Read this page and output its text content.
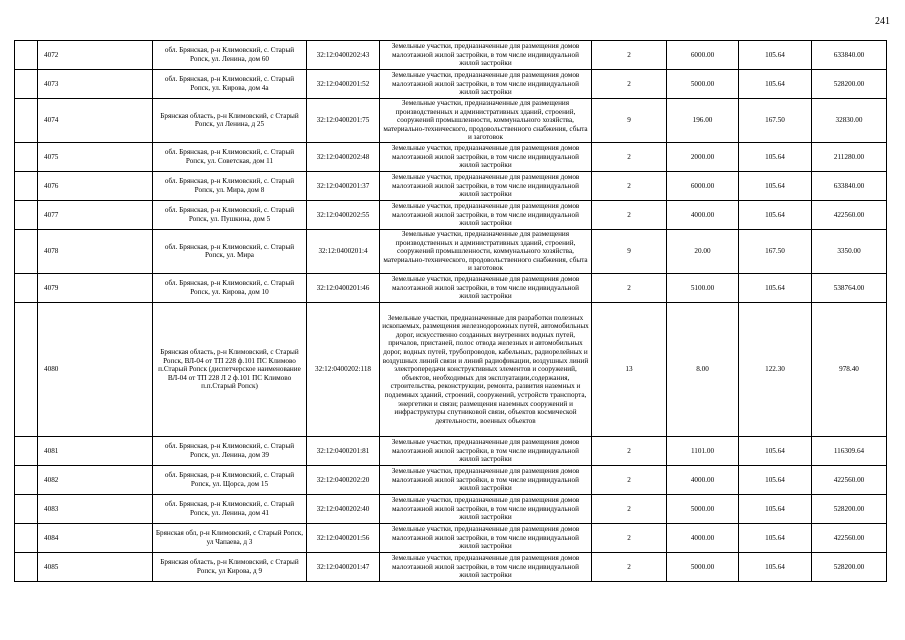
241
	4072	обл. Брянская, р-н Климовский, с. Старый Ропск, ул. Ленина, дом 60	32:12:0400202:43	Земельные участки, предназначенные для размещения домов малоэтажной жилой застройки, в том числе индивидуальной жилой застройки	2	6000.00	105.64	633840.00
	4073	обл. Брянская, р-н Климовский, с. Старый Ропск, ул. Кирова, дом 4а	32:12:0400201:52	Земельные участки, предназначенные для размещения домов малоэтажной жилой застройки, в том числе индивидуальной жилой застройки	2	5000.00	105.64	528200.00
	4074	Брянская область, р-н Климовский, с Старый Ропск, ул Ленина, д 25	32:12:0400201:75	Земельные участки, предназначенные для размещения производственных и административных зданий, строений, сооружений промышленности, коммунального хозяйства, материально-технического, продовольственного снабжения, сбыта и заготовок	9	196.00	167.50	32830.00
	4075	обл. Брянская, р-н Климовский, с. Старый Ропск, ул. Советская, дом 11	32:12:0400202:48	Земельные участки, предназначенные для размещения домов малоэтажной жилой застройки, в том числе индивидуальной жилой застройки	2	2000.00	105.64	211280.00
	4076	обл. Брянская, р-н Климовский, с. Старый Ропск, ул. Мира, дом 8	32:12:0400201:37	Земельные участки, предназначенные для размещения домов малоэтажной жилой застройки, в том числе индивидуальной жилой застройки	2	6000.00	105.64	633840.00
	4077	обл. Брянская, р-н Климовский, с. Старый Ропск, ул. Пушкина, дом 5	32:12:0400202:55	Земельные участки, предназначенные для размещения домов малоэтажной жилой застройки, в том числе индивидуальной жилой застройки	2	4000.00	105.64	422560.00
	4078	обл. Брянская, р-н Климовский, с. Старый Ропск, ул. Мира	32:12:0400201:4	Земельные участки, предназначенные для размещения производственных и административных зданий, строений, сооружений промышленности, коммунального хозяйства, материально-технического, продовольственного снабжения, сбыта и заготовок	9	20.00	167.50	3350.00
	4079	обл. Брянская, р-н Климовский, с. Старый Ропск, ул. Кирова, дом 10	32:12:0400201:46	Земельные участки, предназначенные для размещения домов малоэтажной жилой застройки, в том числе индивидуальной жилой застройки	2	5100.00	105.64	538764.00
	4080	Брянская область, р-н Климовский, с Старый Ропск, ВЛ-04 от ТП 228 ф.101 ПС Климово п.Старый Ропск (диспетчерское наименование ВЛ-04 от ТП 228 Л 2 ф.101 ПС Климово п.п.Старый Ропск)	32:12:0400202:118	Земельные участки, предназначенные для разработки полезных ископаемых, размещения железнодорожных путей, автомобильных дорог, искусственно созданных внутренних водных путей, причалов, пристаней, полос отвода железных и автомобильных дорог, водных путей, трубопроводов, кабельных, радиорелейных и воздушных линий связи и линий радиофикации, воздушных линий электропередачи конструктивных элементов и сооружений, объектов, необходимых для эксплуатации,содержания, строительства, реконструкции, ремонта, развития наземных и подземных зданий, строений, сооружений, устройств транспорта, энергетики и связи; размещения наземных сооружений и инфраструктуры спутниковой связи, объектов космической деятельности, военных объектов	13	8.00	122.30	978.40
	4081	обл. Брянская, р-н Климовский, с. Старый Ропск, ул. Ленина, дом 39	32:12:0400201:81	Земельные участки, предназначенные для размещения домов малоэтажной жилой застройки, в том числе индивидуальной жилой застройки	2	1101.00	105.64	116309.64
	4082	обл. Брянская, р-н Климовский, с. Старый Ропск, ул. Щорса, дом 15	32:12:0400202:20	Земельные участки, предназначенные для размещения домов малоэтажной жилой застройки, в том числе индивидуальной жилой застройки	2	4000.00	105.64	422560.00
	4083	обл. Брянская, р-н Климовский, с. Старый Ропск, ул. Ленина, дом 41	32:12:0400202:40	Земельные участки, предназначенные для размещения домов малоэтажной жилой застройки, в том числе индивидуальной жилой застройки	2	5000.00	105.64	528200.00
	4084	Брянская обл, р-н Климовский, с Старый Ропск, ул Чапаева, д 3	32:12:0400201:56	Земельные участки, предназначенные для размещения домов малоэтажной жилой застройки, в том числе индивидуальной жилой застройки	2	4000.00	105.64	422560.00
	4085	Брянская область, р-н Климовский, с Старый Ропск, ул Кирова, д 9	32:12:0400201:47	Земельные участки, предназначенные для размещения домов малоэтажной жилой застройки, в том числе индивидуальной жилой застройки	2	5000.00	105.64	528200.00
